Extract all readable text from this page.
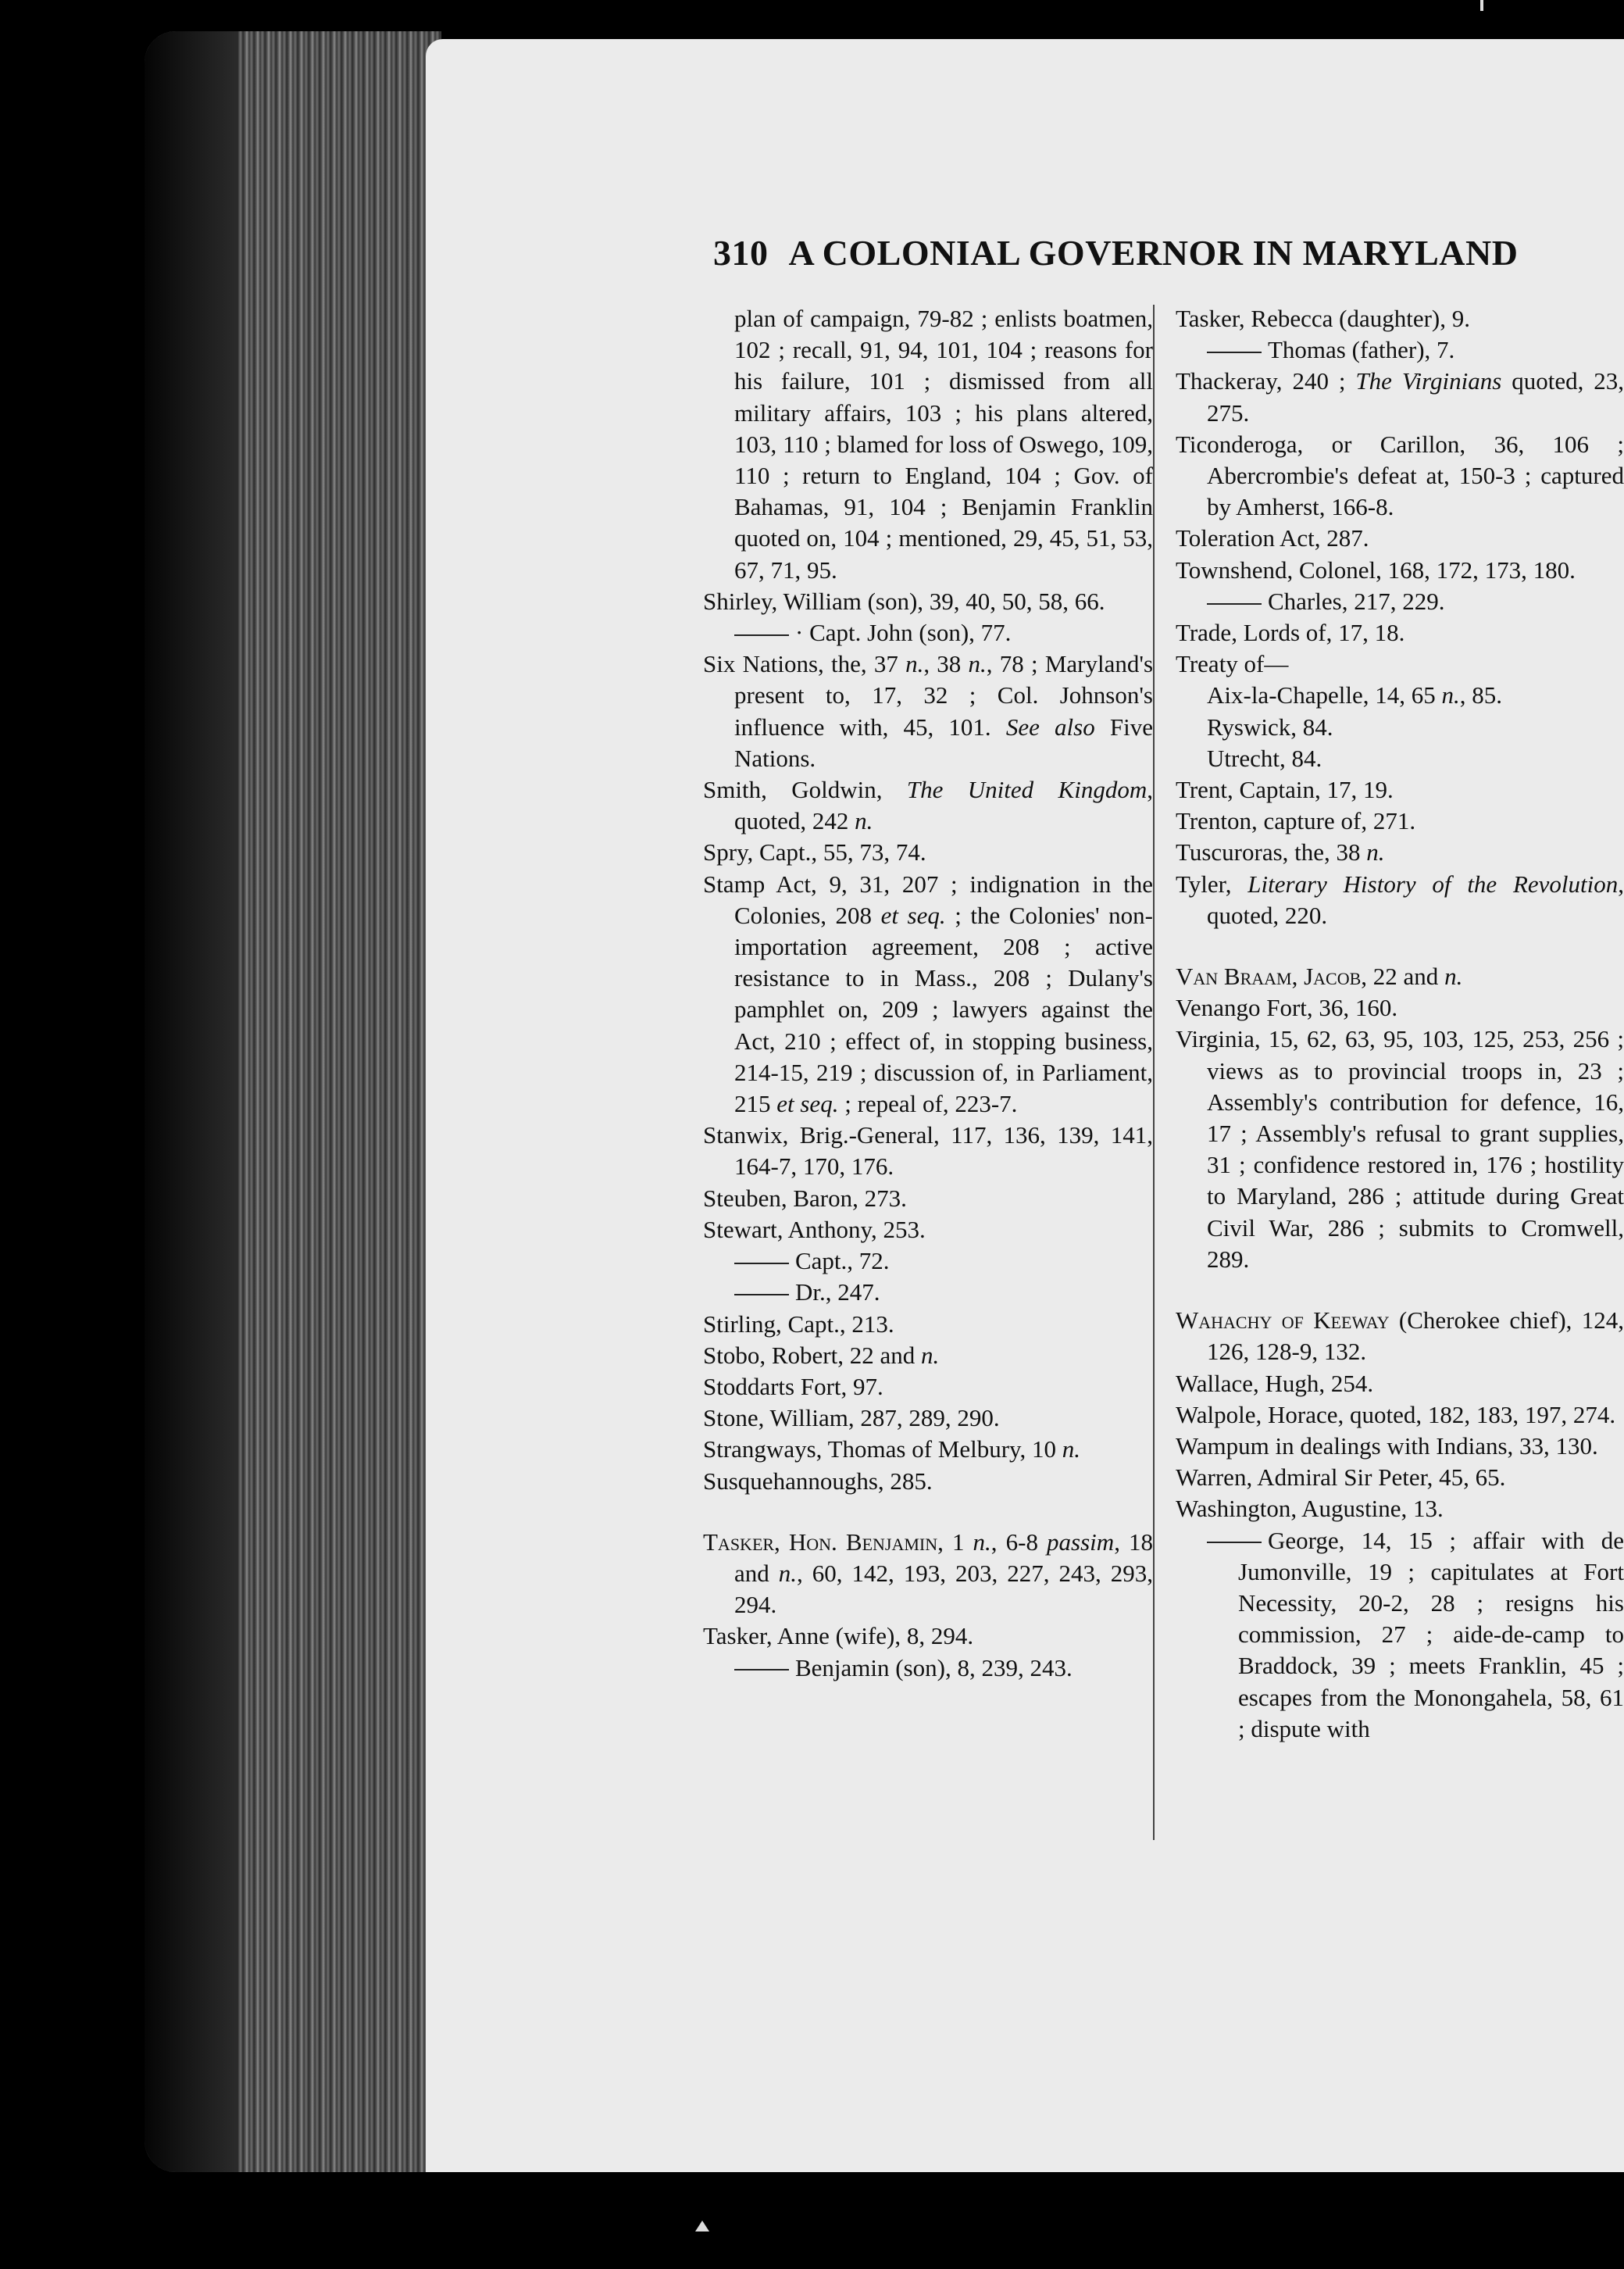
310 A COLONIAL GOVERNOR IN MARYLAND

plan of campaign, 79-82 ; enlists boatmen, 102 ; recall, 91, 94, 101, 104 ; reasons for his failure, 101 ; dismissed from all military affairs, 103 ; his plans altered, 103, 110 ; blamed for loss of Oswego, 109, 110 ; return to England, 104 ; Gov. of Bahamas, 91, 104 ; Benjamin Franklin quoted on, 104 ; mentioned, 29, 45, 51, 53, 67, 71, 95.

Shirley, William (son), 39, 40, 50, 58, 66.

· Capt. John (son), 77.

Six Nations, the, 37 n., 38 n., 78 ; Maryland's present to, 17, 32 ; Col. Johnson's influence with, 45, 101. See also Five Nations.

Smith, Goldwin, The United Kingdom, quoted, 242 n.

Spry, Capt., 55, 73, 74.

Stamp Act, 9, 31, 207 ; indignation in the Colonies, 208 et seq. ; the Colonies' non-importation agreement, 208 ; active resistance to in Mass., 208 ; Dulany's pamphlet on, 209 ; lawyers against the Act, 210 ; effect of, in stopping business, 214-15, 219 ; discussion of, in Parliament, 215 et seq. ; repeal of, 223-7.

Stanwix, Brig.-General, 117, 136, 139, 141, 164-7, 170, 176.

Steuben, Baron, 273.

Stewart, Anthony, 253.

Capt., 72.

Dr., 247.

Stirling, Capt., 213.

Stobo, Robert, 22 and n.

Stoddarts Fort, 97.

Stone, William, 287, 289, 290.

Strangways, Thomas of Melbury, 10 n.

Susquehannoughs, 285.

Tasker, Hon. Benjamin, 1 n., 6-8 passim, 18 and n., 60, 142, 193, 203, 227, 243, 293, 294.

Tasker, Anne (wife), 8, 294.

Benjamin (son), 8, 239, 243.

Tasker, Rebecca (daughter), 9.

Thomas (father), 7.

Thackeray, 240 ; The Virginians quoted, 23, 275.

Ticonderoga, or Carillon, 36, 106 ; Abercrombie's defeat at, 150-3 ; captured by Amherst, 166-8.

Toleration Act, 287.

Townshend, Colonel, 168, 172, 173, 180.

Charles, 217, 229.

Trade, Lords of, 17, 18.

Treaty of—

Aix-la-Chapelle, 14, 65 n., 85.

Ryswick, 84.

Utrecht, 84.

Trent, Captain, 17, 19.

Trenton, capture of, 271.

Tuscuroras, the, 38 n.

Tyler, Literary History of the Revolution, quoted, 220.

Van Braam, Jacob, 22 and n.

Venango Fort, 36, 160.

Virginia, 15, 62, 63, 95, 103, 125, 253, 256 ; views as to provincial troops in, 23 ; Assembly's contribution for defence, 16, 17 ; Assembly's refusal to grant supplies, 31 ; confidence restored in, 176 ; hostility to Maryland, 286 ; attitude during Great Civil War, 286 ; submits to Cromwell, 289.

Wahachy of Keeway (Cherokee chief), 124, 126, 128-9, 132.

Wallace, Hugh, 254.

Walpole, Horace, quoted, 182, 183, 197, 274.

Wampum in dealings with Indians, 33, 130.

Warren, Admiral Sir Peter, 45, 65.

Washington, Augustine, 13.

George, 14, 15 ; affair with de Jumonville, 19 ; capitulates at Fort Necessity, 20-2, 28 ; resigns his commission, 27 ; aide-de-camp to Braddock, 39 ; meets Franklin, 45 ; escapes from the Monongahela, 58, 61 ; dispute with
